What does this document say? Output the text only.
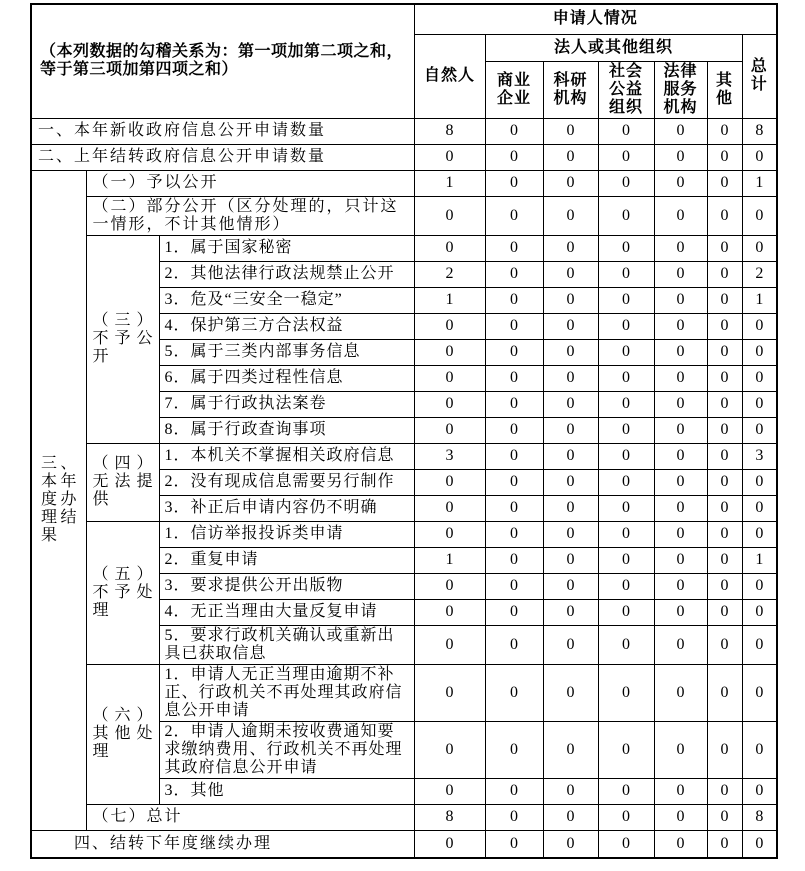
（本列数据的勾稽关系为：第一项加第二项之和，等于第三项加第四项之和）			申请人情况						
			自然人	法人或其他组织					总计
				商业企业	科研机构	社会公益组织	法律服务机构	其他	
一、本年新收政府信息公开申请数量			8	0	0	0	0	0	8
二、上年结转政府信息公开申请数量			0	0	0	0	0	0	0
三、本年度办理结果	（一）予以公开		1	0	0	0	0	0	1
	（二）部分公开（区分处理的，只计这一情形，不计其他情形）		0	0	0	0	0	0	0
	（三）不予公开	1．属于国家秘密	0	0	0	0	0	0	0
		2．其他法律行政法规禁止公开	2	0	0	0	0	0	2
		3．危及“三安全一稳定”	1	0	0	0	0	0	1
		4．保护第三方合法权益	0	0	0	0	0	0	0
		5．属于三类内部事务信息	0	0	0	0	0	0	0
		6．属于四类过程性信息	0	0	0	0	0	0	0
		7．属于行政执法案卷	0	0	0	0	0	0	0
		8．属于行政查询事项	0	0	0	0	0	0	0
	（四）无法提供	1．本机关不掌握相关政府信息	3	0	0	0	0	0	3
		2．没有现成信息需要另行制作	0	0	0	0	0	0	0
		3．补正后申请内容仍不明确	0	0	0	0	0	0	0
	（五）不予处理	1．信访举报投诉类申请	0	0	0	0	0	0	0
		2．重复申请	1	0	0	0	0	0	1
		3．要求提供公开出版物	0	0	0	0	0	0	0
		4．无正当理由大量反复申请	0	0	0	0	0	0	0
		5．要求行政机关确认或重新出具已获取信息	0	0	0	0	0	0	0
	（六）其他处理	1．申请人无正当理由逾期不补正、行政机关不再处理其政府信息公开申请	0	0	0	0	0	0	0
		2．申请人逾期未按收费通知要求缴纳费用、行政机关不再处理其政府信息公开申请	0	0	0	0	0	0	0
		3．其他	0	0	0	0	0	0	0
	（七）总计		8	0	0	0	0	0	8
四、结转下年度继续办理			0	0	0	0	0	0	0
